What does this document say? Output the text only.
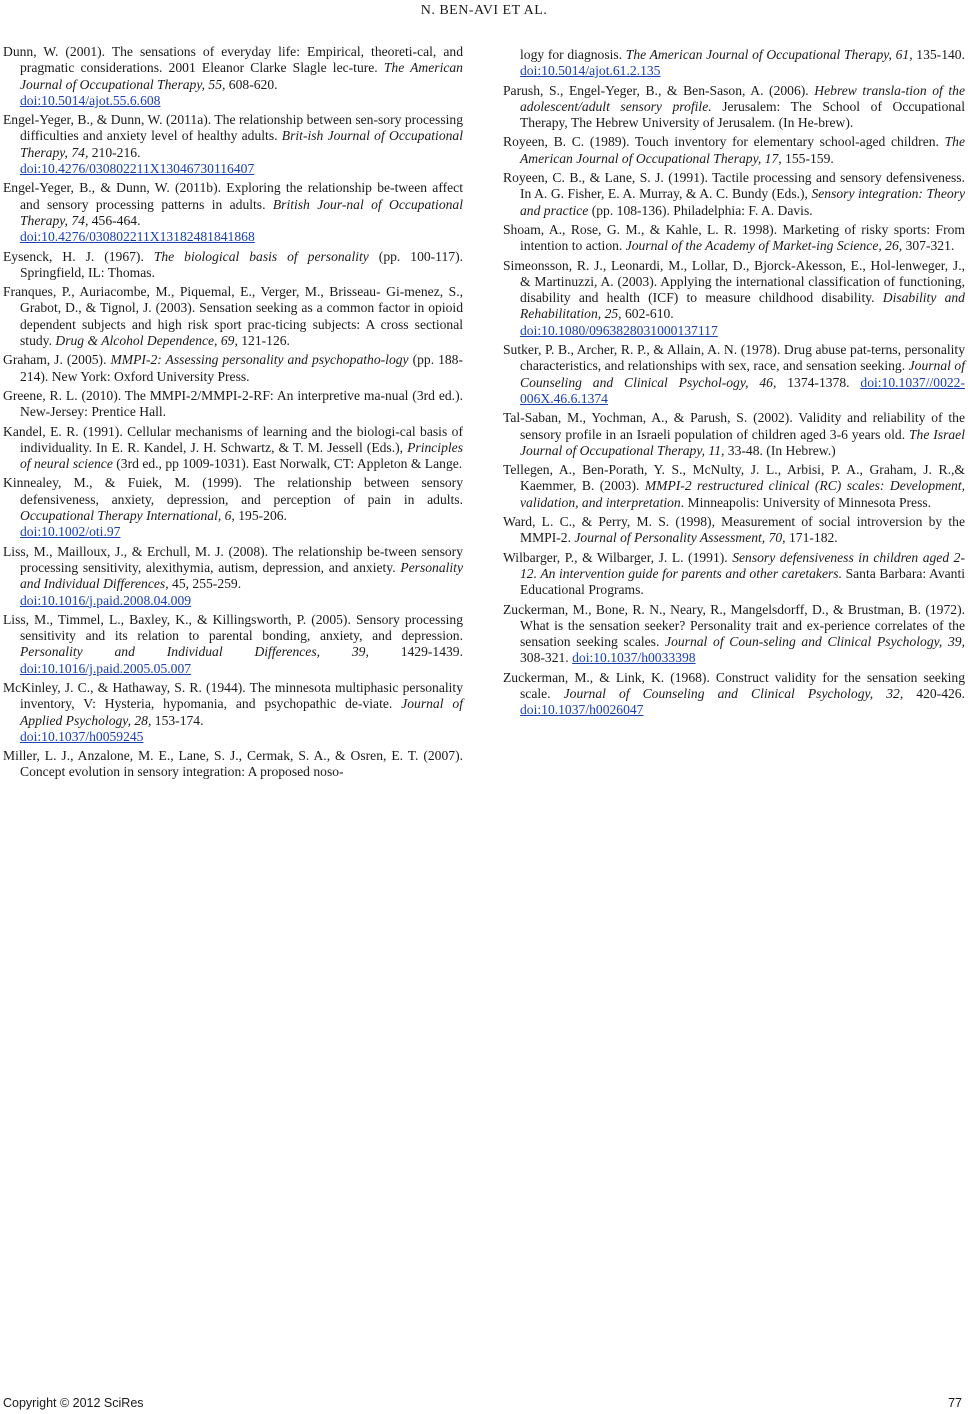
N. BEN-AVI ET AL.
Dunn, W. (2001). The sensations of everyday life: Empirical, theoreti-cal, and pragmatic considerations. 2001 Eleanor Clarke Slagle lec-ture. The American Journal of Occupational Therapy, 55, 608-620.
doi:10.5014/ajot.55.6.608
Engel-Yeger, B., & Dunn, W. (2011a). The relationship between sen-sory processing difficulties and anxiety level of healthy adults. Brit-ish Journal of Occupational Therapy, 74, 210-216.
doi:10.4276/030802211X13046730116407
Engel-Yeger, B., & Dunn, W. (2011b). Exploring the relationship be-tween affect and sensory processing patterns in adults. British Jour-nal of Occupational Therapy, 74, 456-464.
doi:10.4276/030802211X13182481841868
Eysenck, H. J. (1967). The biological basis of personality (pp. 100-117). Springfield, IL: Thomas.
Franques, P., Auriacombe, M., Piquemal, E., Verger, M., Brisseau- Gi-menez, S., Grabot, D., & Tignol, J. (2003). Sensation seeking as a common factor in opioid dependent subjects and high risk sport prac-ticing subjects: A cross sectional study. Drug & Alcohol Dependence, 69, 121-126.
Graham, J. (2005). MMPI-2: Assessing personality and psychopatho-logy (pp. 188-214). New York: Oxford University Press.
Greene, R. L. (2010). The MMPI-2/MMPI-2-RF: An interpretive ma-nual (3rd ed.). New-Jersey: Prentice Hall.
Kandel, E. R. (1991). Cellular mechanisms of learning and the biologi-cal basis of individuality. In E. R. Kandel, J. H. Schwartz, & T. M. Jessell (Eds.), Principles of neural science (3rd ed., pp 1009-1031). East Norwalk, CT: Appleton & Lange.
Kinnealey, M., & Fuiek, M. (1999). The relationship between sensory defensiveness, anxiety, depression, and perception of pain in adults. Occupational Therapy International, 6, 195-206.
doi:10.1002/oti.97
Liss, M., Mailloux, J., & Erchull, M. J. (2008). The relationship be-tween sensory processing sensitivity, alexithymia, autism, depression, and anxiety. Personality and Individual Differences, 45, 255-259.
doi:10.1016/j.paid.2008.04.009
Liss, M., Timmel, L., Baxley, K., & Killingsworth, P. (2005). Sensory processing sensitivity and its relation to parental bonding, anxiety, and depression. Personality and Individual Differences, 39, 1429-1439. doi:10.1016/j.paid.2005.05.007
McKinley, J. C., & Hathaway, S. R. (1944). The minnesota multiphasic personality inventory, V: Hysteria, hypomania, and psychopathic de-viate. Journal of Applied Psychology, 28, 153-174.
doi:10.1037/h0059245
Miller, L. J., Anzalone, M. E., Lane, S. J., Cermak, S. A., & Osren, E. T. (2007). Concept evolution in sensory integration: A proposed noso-
logy for diagnosis. The American Journal of Occupational Therapy, 61, 135-140. doi:10.5014/ajot.61.2.135
Parush, S., Engel-Yeger, B., & Ben-Sason, A. (2006). Hebrew transla-tion of the adolescent/adult sensory profile. Jerusalem: The School of Occupational Therapy, The Hebrew University of Jerusalem. (In He-brew).
Royeen, B. C. (1989). Touch inventory for elementary school-aged children. The American Journal of Occupational Therapy, 17, 155-159.
Royeen, C. B., & Lane, S. J. (1991). Tactile processing and sensory defensiveness. In A. G. Fisher, E. A. Murray, & A. C. Bundy (Eds.), Sensory integration: Theory and practice (pp. 108-136). Philadelphia: F. A. Davis.
Shoam, A., Rose, G. M., & Kahle, L. R. 1998). Marketing of risky sports: From intention to action. Journal of the Academy of Market-ing Science, 26, 307-321.
Simeonsson, R. J., Leonardi, M., Lollar, D., Bjorck-Akesson, E., Hol-lenweger, J., & Martinuzzi, A. (2003). Applying the international classification of functioning, disability and health (ICF) to measure childhood disability. Disability and Rehabilitation, 25, 602-610.
doi:10.1080/0963828031000137117
Sutker, P. B., Archer, R. P., & Allain, A. N. (1978). Drug abuse pat-terns, personality characteristics, and relationships with sex, race, and sensation seeking. Journal of Counseling and Clinical Psychol-ogy, 46, 1374-1378. doi:10.1037//0022-006X.46.6.1374
Tal-Saban, M., Yochman, A., & Parush, S. (2002). Validity and reliability of the sensory profile in an Israeli population of children aged 3-6 years old. The Israel Journal of Occupational Therapy, 11, 33-48. (In Hebrew.)
Tellegen, A., Ben-Porath, Y. S., McNulty, J. L., Arbisi, P. A., Graham, J. R.,& Kaemmer, B. (2003). MMPI-2 restructured clinical (RC) scales: Development, validation, and interpretation. Minneapolis: University of Minnesota Press.
Ward, L. C., & Perry, M. S. (1998), Measurement of social introversion by the MMPI-2. Journal of Personality Assessment, 70, 171-182.
Wilbarger, P., & Wilbarger, J. L. (1991). Sensory defensiveness in children aged 2-12. An intervention guide for parents and other caretakers. Santa Barbara: Avanti Educational Programs.
Zuckerman, M., Bone, R. N., Neary, R., Mangelsdorff, D., & Brustman, B. (1972). What is the sensation seeker? Personality trait and ex-perience correlates of the sensation seeking scales. Journal of Coun-seling and Clinical Psychology, 39, 308-321. doi:10.1037/h0033398
Zuckerman, M., & Link, K. (1968). Construct validity for the sensation seeking scale. Journal of Counseling and Clinical Psychology, 32, 420-426. doi:10.1037/h0026047
Copyright © 2012 SciRes	77
